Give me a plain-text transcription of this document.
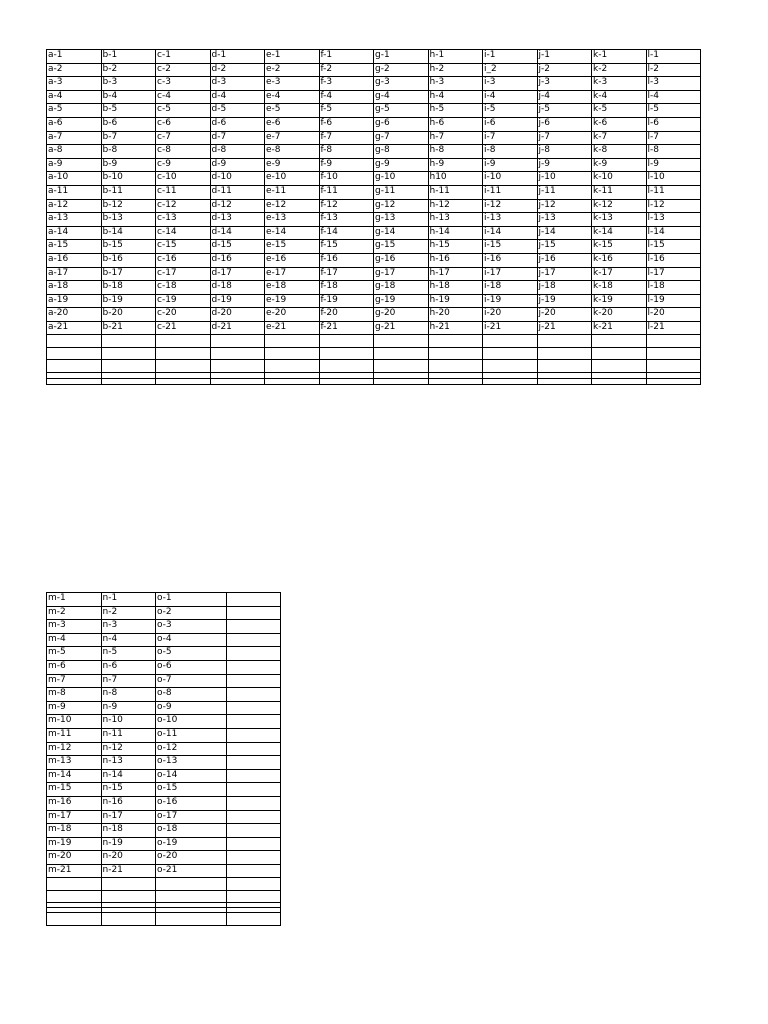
a-1	b-1	c-1	d-1	e-1	f-1	g-1	h-1	i-1	j-1	k-1	l-1
a-2	b-2	c-2	d-2	e-2	f-2	g-2	h-2	i_2	j-2	k-2	l-2
a-3	b-3	c-3	d-3	e-3	f-3	g-3	h-3	i-3	j-3	k-3	l-3
a-4	b-4	c-4	d-4	e-4	f-4	g-4	h-4	i-4	j-4	k-4	l-4
a-5	b-5	c-5	d-5	e-5	f-5	g-5	h-5	i-5	j-5	k-5	l-5
a-6	b-6	c-6	d-6	e-6	f-6	g-6	h-6	i-6	j-6	k-6	l-6
a-7	b-7	c-7	d-7	e-7	f-7	g-7	h-7	i-7	j-7	k-7	l-7
a-8	b-8	c-8	d-8	e-8	f-8	g-8	h-8	i-8	j-8	k-8	l-8
a-9	b-9	c-9	d-9	e-9	f-9	g-9	h-9	i-9	j-9	k-9	l-9
a-10	b-10	c-10	d-10	e-10	f-10	g-10	h10	i-10	j-10	k-10	l-10
a-11	b-11	c-11	d-11	e-11	f-11	g-11	h-11	i-11	j-11	k-11	l-11
a-12	b-12	c-12	d-12	e-12	f-12	g-12	h-12	i-12	j-12	k-12	l-12
a-13	b-13	c-13	d-13	e-13	f-13	g-13	h-13	i-13	j-13	k-13	l-13
a-14	b-14	c-14	d-14	e-14	f-14	g-14	h-14	i-14	j-14	k-14	l-14
a-15	b-15	c-15	d-15	e-15	f-15	g-15	h-15	i-15	j-15	k-15	l-15
a-16	b-16	c-16	d-16	e-16	f-16	g-16	h-16	i-16	j-16	k-16	l-16
a-17	b-17	c-17	d-17	e-17	f-17	g-17	h-17	i-17	j-17	k-17	l-17
a-18	b-18	c-18	d-18	e-18	f-18	g-18	h-18	i-18	j-18	k-18	l-18
a-19	b-19	c-19	d-19	e-19	f-19	g-19	h-19	i-19	j-19	k-19	l-19
a-20	b-20	c-20	d-20	e-20	f-20	g-20	h-20	i-20	j-20	k-20	l-20
a-21	b-21	c-21	d-21	e-21	f-21	g-21	h-21	i-21	j-21	k-21	l-21

m-1	n-1	o-1	
m-2	n-2	o-2	
m-3	n-3	o-3	
m-4	n-4	o-4	
m-5	n-5	o-5	
m-6	n-6	o-6	
m-7	n-7	o-7	
m-8	n-8	o-8	
m-9	n-9	o-9	
m-10	n-10	o-10	
m-11	n-11	o-11	
m-12	n-12	o-12	
m-13	n-13	o-13	
m-14	n-14	o-14	
m-15	n-15	o-15	
m-16	n-16	o-16	
m-17	n-17	o-17	
m-18	n-18	o-18	
m-19	n-19	o-19	
m-20	n-20	o-20	
m-21	n-21	o-21	
